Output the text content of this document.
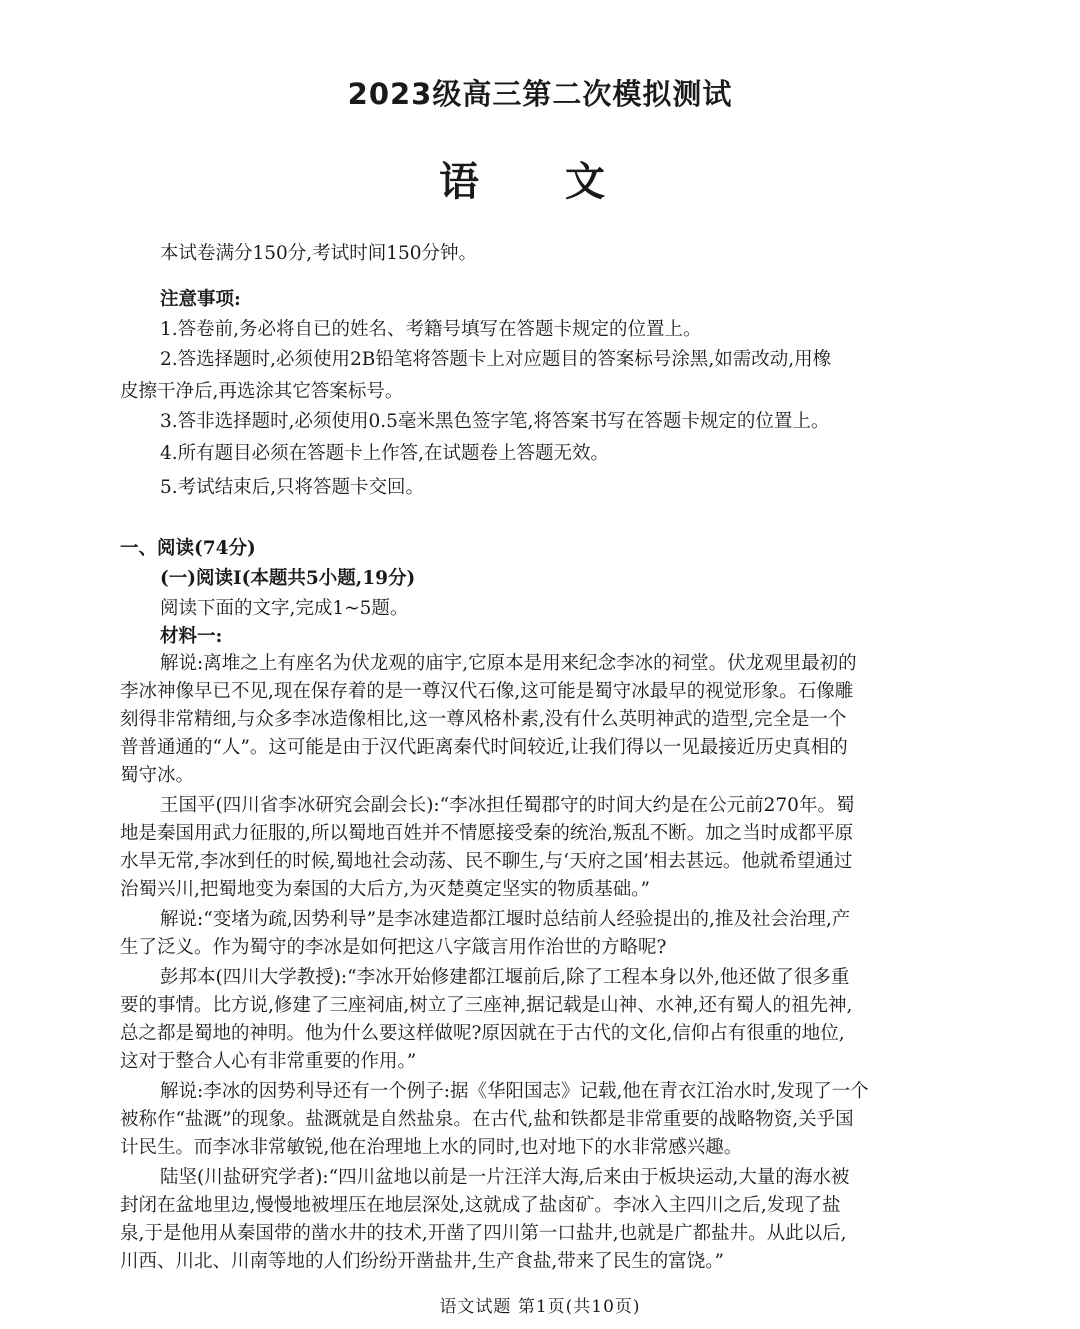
2023级高三第二次模拟测试
语 文
本试卷满分150分,考试时间150分钟。
注意事项:
1.答卷前,务必将自已的姓名、考籍号填写在答题卡规定的位置上。
2.答选择题时,必须使用2B铅笔将答题卡上对应题目的答案标号涂黑,如需改动,用橡
皮擦干净后,再选涂其它答案标号。
3.答非选择题时,必须使用0.5毫米黑色签字笔,将答案书写在答题卡规定的位置上。
4.所有题目必须在答题卡上作答,在试题卷上答题无效。
5.考试结束后,只将答题卡交回。
一、阅读(74分)
(一)阅读Ⅰ(本题共5小题,19分)
阅读下面的文字,完成1~5题。
材料一:
解说:离堆之上有座名为伏龙观的庙宇,它原本是用来纪念李冰的祠堂。伏龙观里最初的
李冰神像早已不见,现在保存着的是一尊汉代石像,这可能是蜀守冰最早的视觉形象。石像雕
刻得非常精细,与众多李冰造像相比,这一尊风格朴素,没有什么英明神武的造型,完全是一个
普普通通的“人”。这可能是由于汉代距离秦代时间较近,让我们得以一见最接近历史真相的
蜀守冰。
王国平(四川省李冰研究会副会长):“李冰担任蜀郡守的时间大约是在公元前270年。蜀
地是秦国用武力征服的,所以蜀地百姓并不情愿接受秦的统治,叛乱不断。加之当时成都平原
水旱无常,李冰到任的时候,蜀地社会动荡、民不聊生,与‘天府之国’相去甚远。他就希望通过
治蜀兴川,把蜀地变为秦国的大后方,为灭楚奠定坚实的物质基础。”
解说:“变堵为疏,因势利导”是李冰建造都江堰时总结前人经验提出的,推及社会治理,产
生了泛义。作为蜀守的李冰是如何把这八字箴言用作治世的方略呢?
彭邦本(四川大学教授):“李冰开始修建都江堰前后,除了工程本身以外,他还做了很多重
要的事情。比方说,修建了三座祠庙,树立了三座神,据记载是山神、水神,还有蜀人的祖先神,
总之都是蜀地的神明。他为什么要这样做呢?原因就在于古代的文化,信仰占有很重的地位,
这对于整合人心有非常重要的作用。”
解说:李冰的因势利导还有一个例子:据《华阳国志》记载,他在青衣江治水时,发现了一个
被称作“盐溉”的现象。盐溉就是自然盐泉。在古代,盐和铁都是非常重要的战略物资,关乎国
计民生。而李冰非常敏锐,他在治理地上水的同时,也对地下的水非常感兴趣。
陆坚(川盐研究学者):“四川盆地以前是一片汪洋大海,后来由于板块运动,大量的海水被
封闭在盆地里边,慢慢地被埋压在地层深处,这就成了盐卤矿。李冰入主四川之后,发现了盐
泉,于是他用从秦国带的凿水井的技术,开凿了四川第一口盐井,也就是广都盐井。从此以后,
川西、川北、川南等地的人们纷纷开凿盐井,生产食盐,带来了民生的富饶。”
语文试题 第1页(共10页)
